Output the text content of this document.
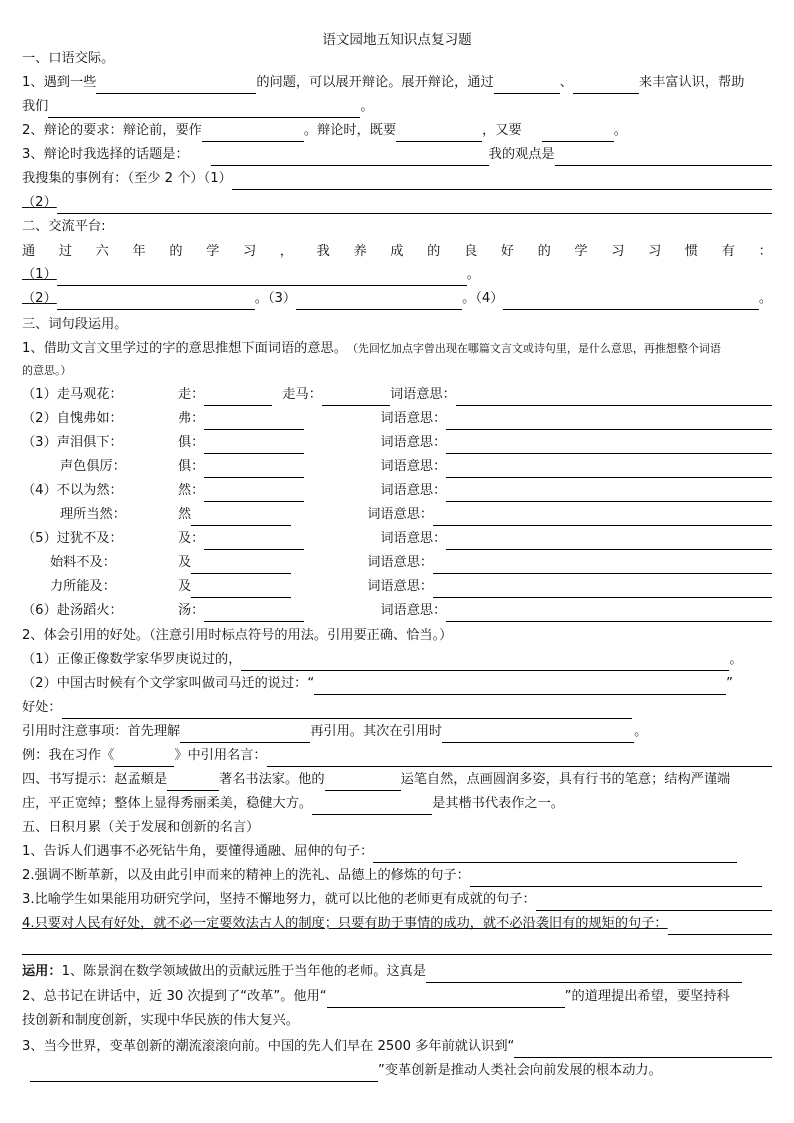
语文园地五知识点复习题
一、口语交际。
1、遇到一些	的问题，可以展开辩论。展开辩论，通过	、	来丰富认识，帮助
我们	。
2、辩论的要求：辩论前，要作	。辩论时，既要	，又要	。
3、辩论时我选择的话题是：	我的观点是
我搜集的事例有：（至少 2 个）（1）
（2）
二、交流平台:
通 过 六 年 的 学 习 ， 我 养 成 的 良 好 的 学 习 习 惯 有 ：
（1）	。
（2）	。（3）	。（4）	。
三、词句段运用。
1、借助文言文里学过的字的意思推想下面词语的意思。 （先回忆加点字曾出现在哪篇文言文或诗句里，是什么意思，再推想整个词语
的意思。）
（1）走马观花：	走：	走马：	词语意思：
（2）自愧弗如：	弗：	词语意思：
（3）声泪俱下：	俱：	词语意思：
声色俱厉：	俱：	词语意思：
（4）不以为然：	然：	词语意思：
理所当然：	然	词语意思：
（5）过犹不及：	及：	词语意思：
始料不及：	及	词语意思：
力所能及：	及	词语意思：
（6）赴汤蹈火：	汤：	词语意思：
2、体会引用的好处。（注意引用时标点符号的用法。引用要正确、恰当。）
（1）正像正像数学家华罗庚说过的，	。
（2）中国古时候有个文学家叫做司马迁的说过：“	”
好处：
引用时注意事项：首先理解	再引用。其次在引用时	。
例：我在习作《	》中引用名言：
四、书写提示：赵孟頫是	著名书法家。他的	运笔自然，点画圆润多姿，具有行书的笔意；结构严谨端
庄，平正宽绰；整体上显得秀丽柔美，稳健大方。	是其楷书代表作之一。
五、日积月累（关于发展和创新的名言）
1、告诉人们遇事不必死钻牛角，要懂得通融、屈伸的句子：
2.强调不断革新，以及由此引申而来的精神上的洗礼、品德上的修炼的句子：
3.比喻学生如果能用功研究学问，坚持不懈地努力，就可以比他的老师更有成就的句子：
4.只要对人民有好处，就不必一定要效法古人的制度；只要有助于事情的成功，就不必沿袭旧有的规矩的句子：
运用： 1、陈景润在数学领域做出的贡献远胜于当年他的老师。这真是
2、总书记在讲话中，近 30 次提到了“改革”。他用“	”的道理提出希望，要坚持科
技创新和制度创新，实现中华民族的伟大复兴。
3、当今世界，变革创新的潮流滚滚向前。中国的先人们早在 2500 多年前就认识到“
”变革创新是推动人类社会向前发展的根本动力。
